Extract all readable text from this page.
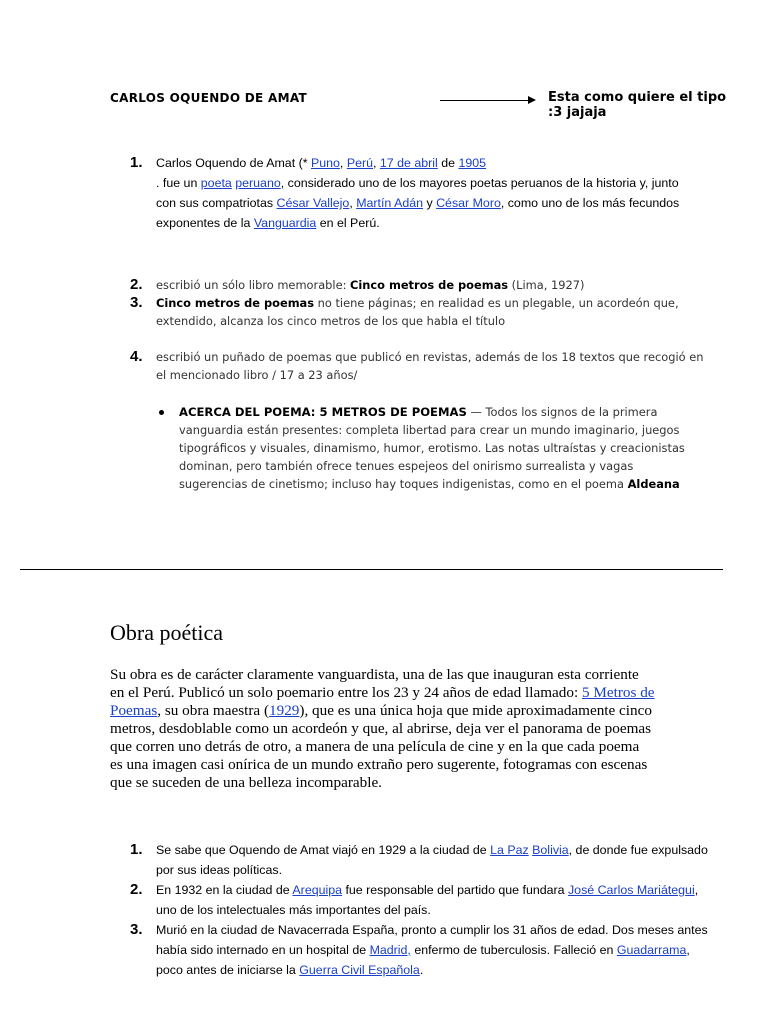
CARLOS OQUENDO DE AMAT	Esta como quiere el tipo :3 jajaja
1. Carlos Oquendo de Amat (* Puno, Perú, 17 de abril de 1905
. fue un poeta peruano, considerado uno de los mayores poetas peruanos de la historia y, junto con sus compatriotas César Vallejo, Martín Adán y César Moro, como uno de los más fecundos exponentes de la Vanguardia en el Perú.
2. escribió un sólo libro memorable: Cinco metros de poemas (Lima, 1927)
3. Cinco metros de poemas no tiene páginas; en realidad es un plegable, un acordeón que, extendido, alcanza los cinco metros de los que habla el título
4. escribió un puñado de poemas que publicó en revistas, además de los 18 textos que recogió en el mencionado libro / 17 a 23 años/
ACERCA DEL POEMA: 5 METROS DE POEMAS — Todos los signos de la primera vanguardia están presentes: completa libertad para crear un mundo imaginario, juegos tipográficos y visuales, dinamismo, humor, erotismo. Las notas ultraístas y creacionistas dominan, pero también ofrece tenues espejeos del onirismo surrealista y vagas sugerencias de cinetismo; incluso hay toques indigenistas, como en el poema Aldeana
Obra poética
Su obra es de carácter claramente vanguardista, una de las que inauguran esta corriente en el Perú. Publicó un solo poemario entre los 23 y 24 años de edad llamado: 5 Metros de Poemas, su obra maestra (1929), que es una única hoja que mide aproximadamente cinco metros, desdoblable como un acordeón y que, al abrirse, deja ver el panorama de poemas que corren uno detrás de otro, a manera de una película de cine y en la que cada poema es una imagen casi onírica de un mundo extraño pero sugerente, fotogramas con escenas que se suceden de una belleza incomparable.
1. Se sabe que Oquendo de Amat viajó en 1929 a la ciudad de La Paz Bolivia, de donde fue expulsado por sus ideas políticas.
2. En 1932 en la ciudad de Arequipa fue responsable del partido que fundara José Carlos Mariátegui, uno de los intelectuales más importantes del país.
3. Murió en la ciudad de Navacerrada España, pronto a cumplir los 31 años de edad. Dos meses antes había sido internado en un hospital de Madrid, enfermo de tuberculosis. Falleció en Guadarrama, poco antes de iniciarse la Guerra Civil Española.
